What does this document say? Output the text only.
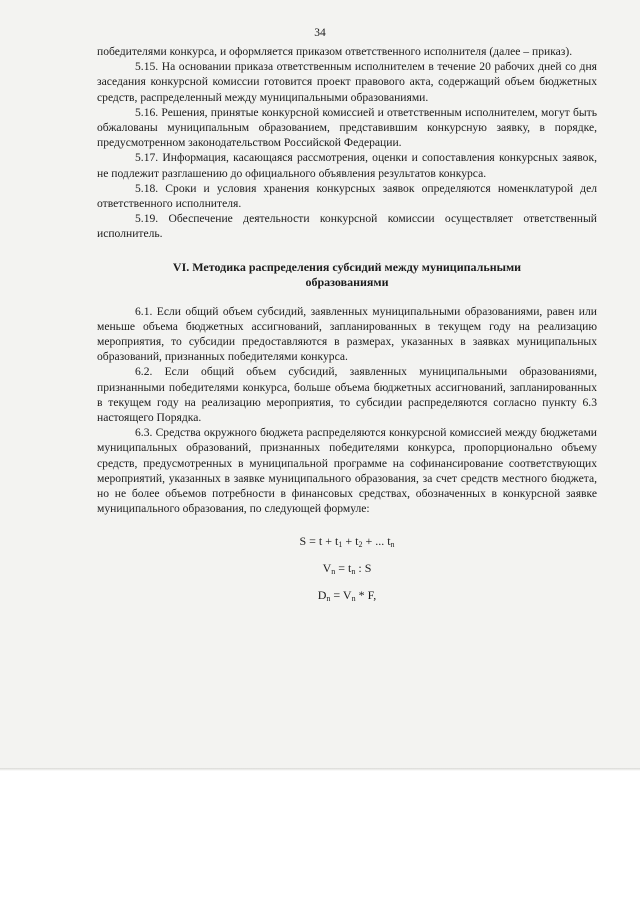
34

победителями конкурса, и оформляется приказом ответственного исполнителя (далее – приказ).

5.15. На основании приказа ответственным исполнителем в течение 20 рабочих дней со дня заседания конкурсной комиссии готовится проект правового акта, содержащий объем бюджетных средств, распределенный между муниципальными образованиями.

5.16. Решения, принятые конкурсной комиссией и ответственным исполнителем, могут быть обжалованы муниципальным образованием, представившим конкурсную заявку, в порядке, предусмотренном законодательством Российской Федерации.

5.17. Информация, касающаяся рассмотрения, оценки и сопоставления конкурсных заявок, не подлежит разглашению до официального объявления результатов конкурса.

5.18. Сроки и условия хранения конкурсных заявок определяются номенклатурой дел ответственного исполнителя.

5.19. Обеспечение деятельности конкурсной комиссии осуществляет ответственный исполнитель.

VI. Методика распределения субсидий между муниципальными
образованиями

6.1. Если общий объем субсидий, заявленных муниципальными образованиями, равен или меньше объема бюджетных ассигнований, запланированных в текущем году на реализацию мероприятия, то субсидии предоставляются в размерах, указанных в заявках муниципальных образований, признанных победителями конкурса.

6.2. Если общий объем субсидий, заявленных муниципальными образованиями, признанными победителями конкурса, больше объема бюджетных ассигнований, запланированных в текущем году на реализацию мероприятия, то субсидии распределяются согласно пункту 6.3 настоящего Порядка.

6.3. Средства окружного бюджета распределяются конкурсной комиссией между бюджетами муниципальных образований, признанных победителями конкурса, пропорционально объему средств, предусмотренных в муниципальной программе на софинансирование соответствующих мероприятий, указанных в заявке муниципального образования, за счет средств местного бюджета, но не более объемов потребности в финансовых средствах, обозначенных в конкурсной заявке муниципального образования, по следующей формуле:

$S = t + t_1 + t_2$ + ... $t_n$
$V_n = t_n$ : S
$D_n = V_n * F$,
